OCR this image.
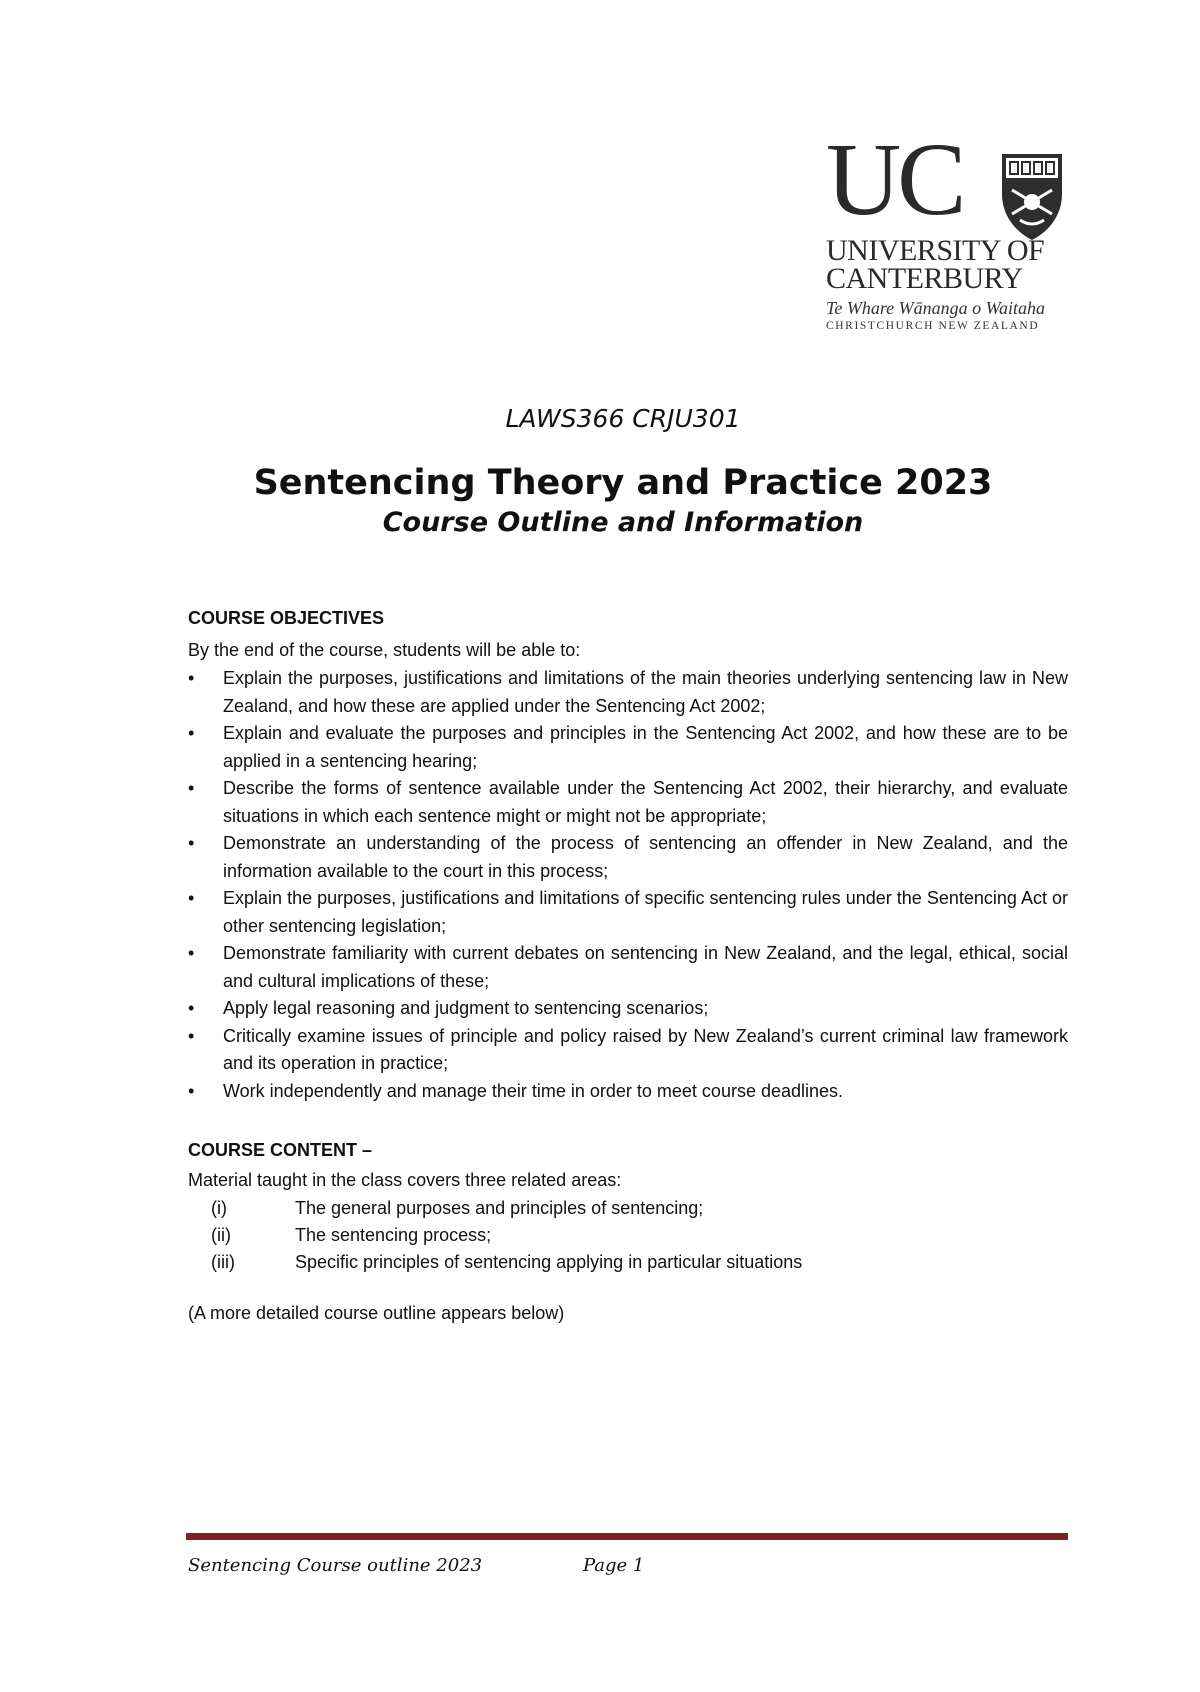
UC
UNIVERSITY OF
CANTERBURY
Te Whare Wānanga o Waitaha
CHRISTCHURCH NEW ZEALAND
LAWS366 CRJU301
Sentencing Theory and Practice 2023
Course Outline and Information
COURSE OBJECTIVES
By the end of the course, students will be able to:
• Explain the purposes, justifications and limitations of the main theories underlying sentencing law in New Zealand, and how these are applied under the Sentencing Act 2002;
• Explain and evaluate the purposes and principles in the Sentencing Act 2002, and how these are to be applied in a sentencing hearing;
• Describe the forms of sentence available under the Sentencing Act 2002, their hierarchy, and evaluate situations in which each sentence might or might not be appropriate;
• Demonstrate an understanding of the process of sentencing an offender in New Zealand, and the information available to the court in this process;
• Explain the purposes, justifications and limitations of specific sentencing rules under the Sentencing Act or other sentencing legislation;
• Demonstrate familiarity with current debates on sentencing in New Zealand, and the legal, ethical, social and cultural implications of these;
• Apply legal reasoning and judgment to sentencing scenarios;
• Critically examine issues of principle and policy raised by New Zealand’s current criminal law framework and its operation in practice;
• Work independently and manage their time in order to meet course deadlines.
COURSE CONTENT –
Material taught in the class covers three related areas:
(i)	The general purposes and principles of sentencing;
(ii)	The sentencing process;
(iii)	Specific principles of sentencing applying in particular situations
(A more detailed course outline appears below)
Sentencing Course outline 2023	Page 1
